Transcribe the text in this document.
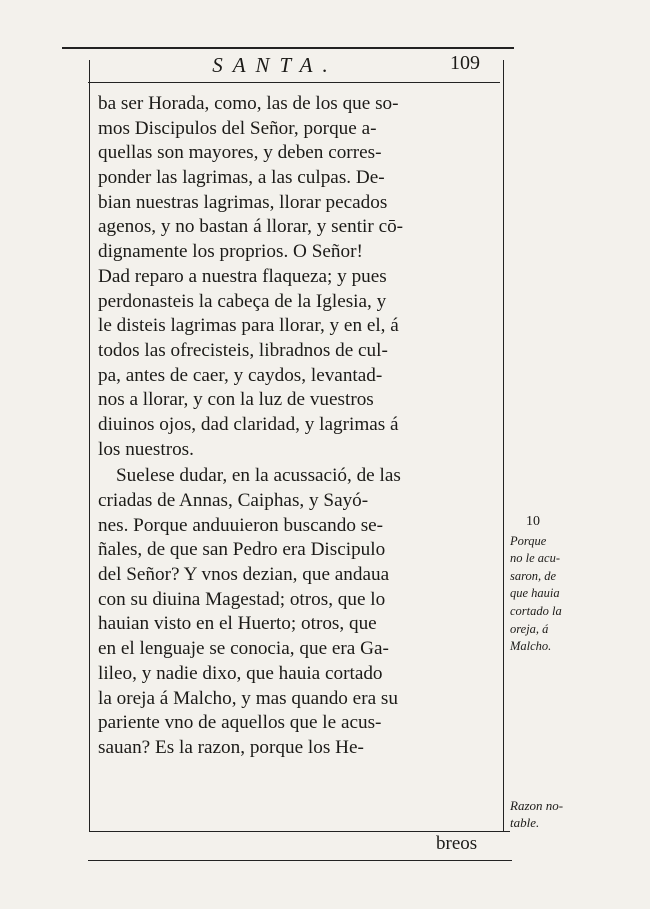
SANTA.	109
ba ser Horada, como, las de los que so-
mos Discipulos del Señor, porque a-
quellas son mayores, y deben corres-
ponder las lagrimas, a las culpas. De-
bian nuestras lagrimas, llorar pecados
agenos, y no bastan á llorar, y sentir cō-
dignamente los proprios. O Señor!
Dad reparo a nuestra flaqueza; y pues
perdonasteis la cabeça de la Iglesia, y
le disteis lagrimas para llorar, y en el, á
todos las ofrecisteis, libradnos de cul-
pa, antes de caer, y caydos, levantad-
nos a llorar, y con la luz de vuestros
diuinos ojos, dad claridad, y lagrimas á
los nuestros.
Suelese dudar, en la acussació, de las
criadas de Annas, Caiphas, y Sayó-
nes. Porque anduuieron buscando se-
ñales, de que san Pedro era Discipulo
del Señor? Y vnos dezian, que andaua
con su diuina Magestad; otros, que lo
hauian visto en el Huerto; otros, que
en el lenguaje se conocia, que era Ga-
lileo, y nadie dixo, que hauia cortado
la oreja á Malcho, y mas quando era su
pariente vno de aquellos que le acus-
sauan? Es la razon, porque los He-
breos
10
Porque
no le acu-
saron, de
que hauia
cortado la
oreja, á
Malcho.
Razon no-
table.
